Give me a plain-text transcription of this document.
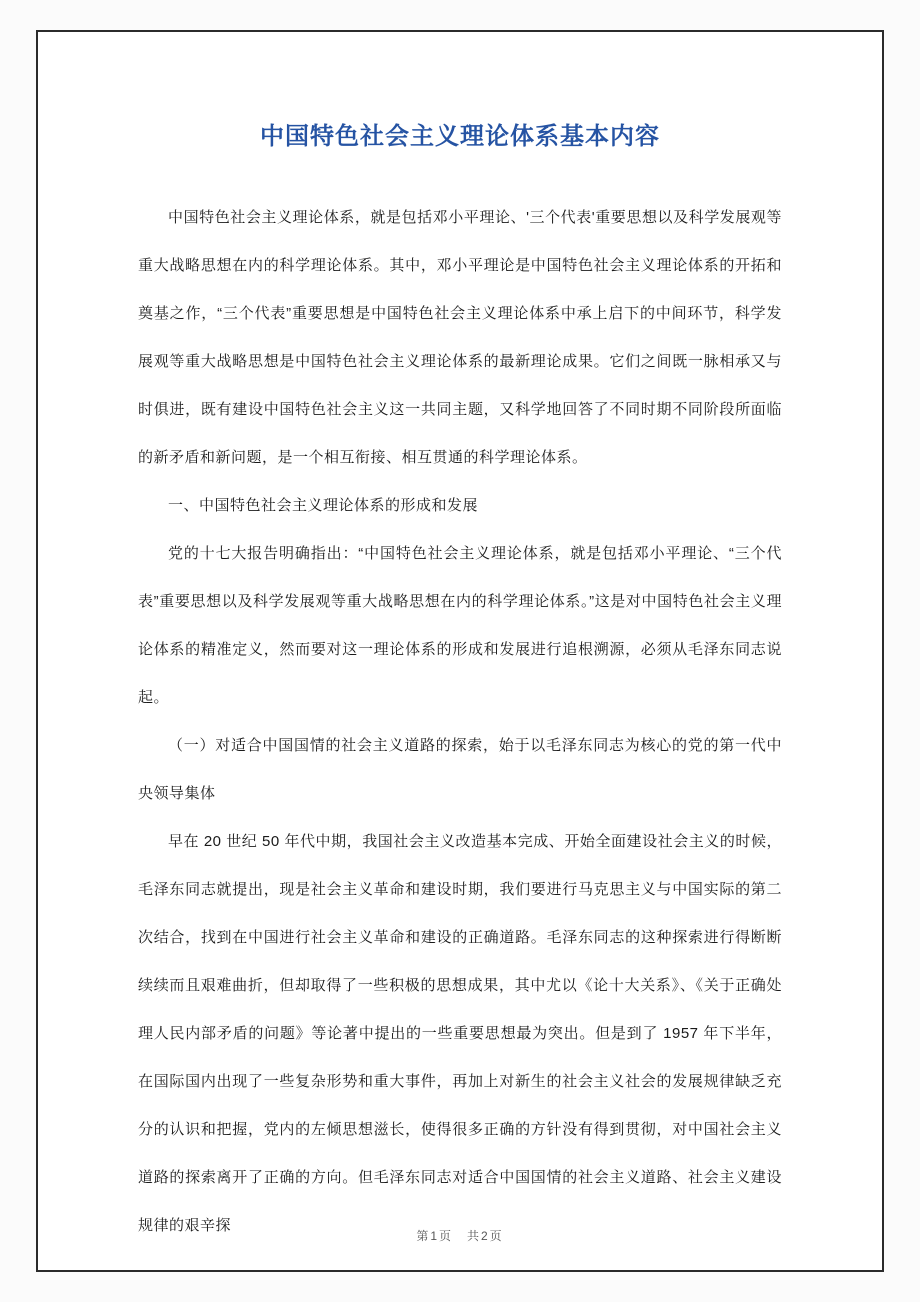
中国特色社会主义理论体系基本内容

中国特色社会主义理论体系，就是包括邓小平理论、'三个代表'重要思想以及科学发展观等重大战略思想在内的科学理论体系。其中，邓小平理论是中国特色社会主义理论体系的开拓和奠基之作，“三个代表”重要思想是中国特色社会主义理论体系中承上启下的中间环节，科学发展观等重大战略思想是中国特色社会主义理论体系的最新理论成果。它们之间既一脉相承又与时俱进，既有建设中国特色社会主义这一共同主题，又科学地回答了不同时期不同阶段所面临的新矛盾和新问题，是一个相互衔接、相互贯通的科学理论体系。

一、中国特色社会主义理论体系的形成和发展

党的十七大报告明确指出：“中国特色社会主义理论体系，就是包括邓小平理论、“三个代表”重要思想以及科学发展观等重大战略思想在内的科学理论体系。”这是对中国特色社会主义理论体系的精准定义，然而要对这一理论体系的形成和发展进行追根溯源，必须从毛泽东同志说起。

（一）对适合中国国情的社会主义道路的探索，始于以毛泽东同志为核心的党的第一代中央领导集体

早在 20 世纪 50 年代中期，我国社会主义改造基本完成、开始全面建设社会主义的时候，毛泽东同志就提出，现是社会主义革命和建设时期，我们要进行马克思主义与中国实际的第二次结合，找到在中国进行社会主义革命和建设的正确道路。毛泽东同志的这种探索进行得断断续续而且艰难曲折，但却取得了一些积极的思想成果，其中尤以《论十大关系》、《关于正确处理人民内部矛盾的问题》等论著中提出的一些重要思想最为突出。但是到了 1957 年下半年，在国际国内出现了一些复杂形势和重大事件，再加上对新生的社会主义社会的发展规律缺乏充分的认识和把握，党内的左倾思想滋长，使得很多正确的方针没有得到贯彻，对中国社会主义道路的探索离开了正确的方向。但毛泽东同志对适合中国国情的社会主义道路、社会主义建设规律的艰辛探

第1页　共2页
